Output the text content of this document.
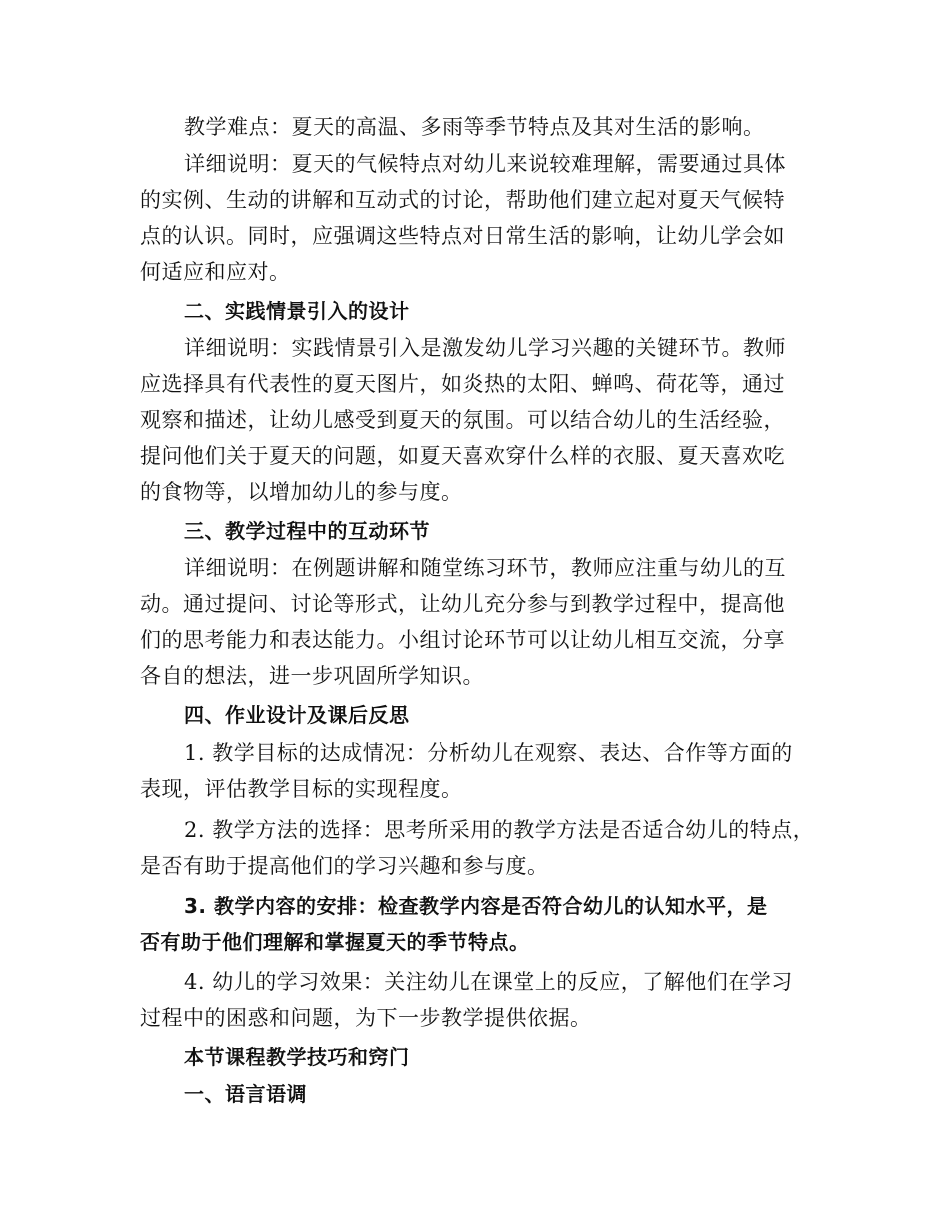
教学难点：夏天的高温、多雨等季节特点及其对生活的影响。
详细说明：夏天的气候特点对幼儿来说较难理解，需要通过具体
的实例、生动的讲解和互动式的讨论，帮助他们建立起对夏天气候特
点的认识。同时，应强调这些特点对日常生活的影响，让幼儿学会如
何适应和应对。
二、实践情景引入的设计
详细说明：实践情景引入是激发幼儿学习兴趣的关键环节。教师
应选择具有代表性的夏天图片，如炎热的太阳、蝉鸣、荷花等，通过
观察和描述，让幼儿感受到夏天的氛围。可以结合幼儿的生活经验，
提问他们关于夏天的问题，如夏天喜欢穿什么样的衣服、夏天喜欢吃
的食物等，以增加幼儿的参与度。
三、教学过程中的互动环节
详细说明：在例题讲解和随堂练习环节，教师应注重与幼儿的互
动。通过提问、讨论等形式，让幼儿充分参与到教学过程中，提高他
们的思考能力和表达能力。小组讨论环节可以让幼儿相互交流，分享
各自的想法，进一步巩固所学知识。
四、作业设计及课后反思
1. 教学目标的达成情况：分析幼儿在观察、表达、合作等方面的
表现，评估教学目标的实现程度。
2. 教学方法的选择：思考所采用的教学方法是否适合幼儿的特点，
是否有助于提高他们的学习兴趣和参与度。
3. 教学内容的安排：检查教学内容是否符合幼儿的认知水平，是
否有助于他们理解和掌握夏天的季节特点。
4. 幼儿的学习效果：关注幼儿在课堂上的反应，了解他们在学习
过程中的困惑和问题，为下一步教学提供依据。
本节课程教学技巧和窍门
一、语言语调
